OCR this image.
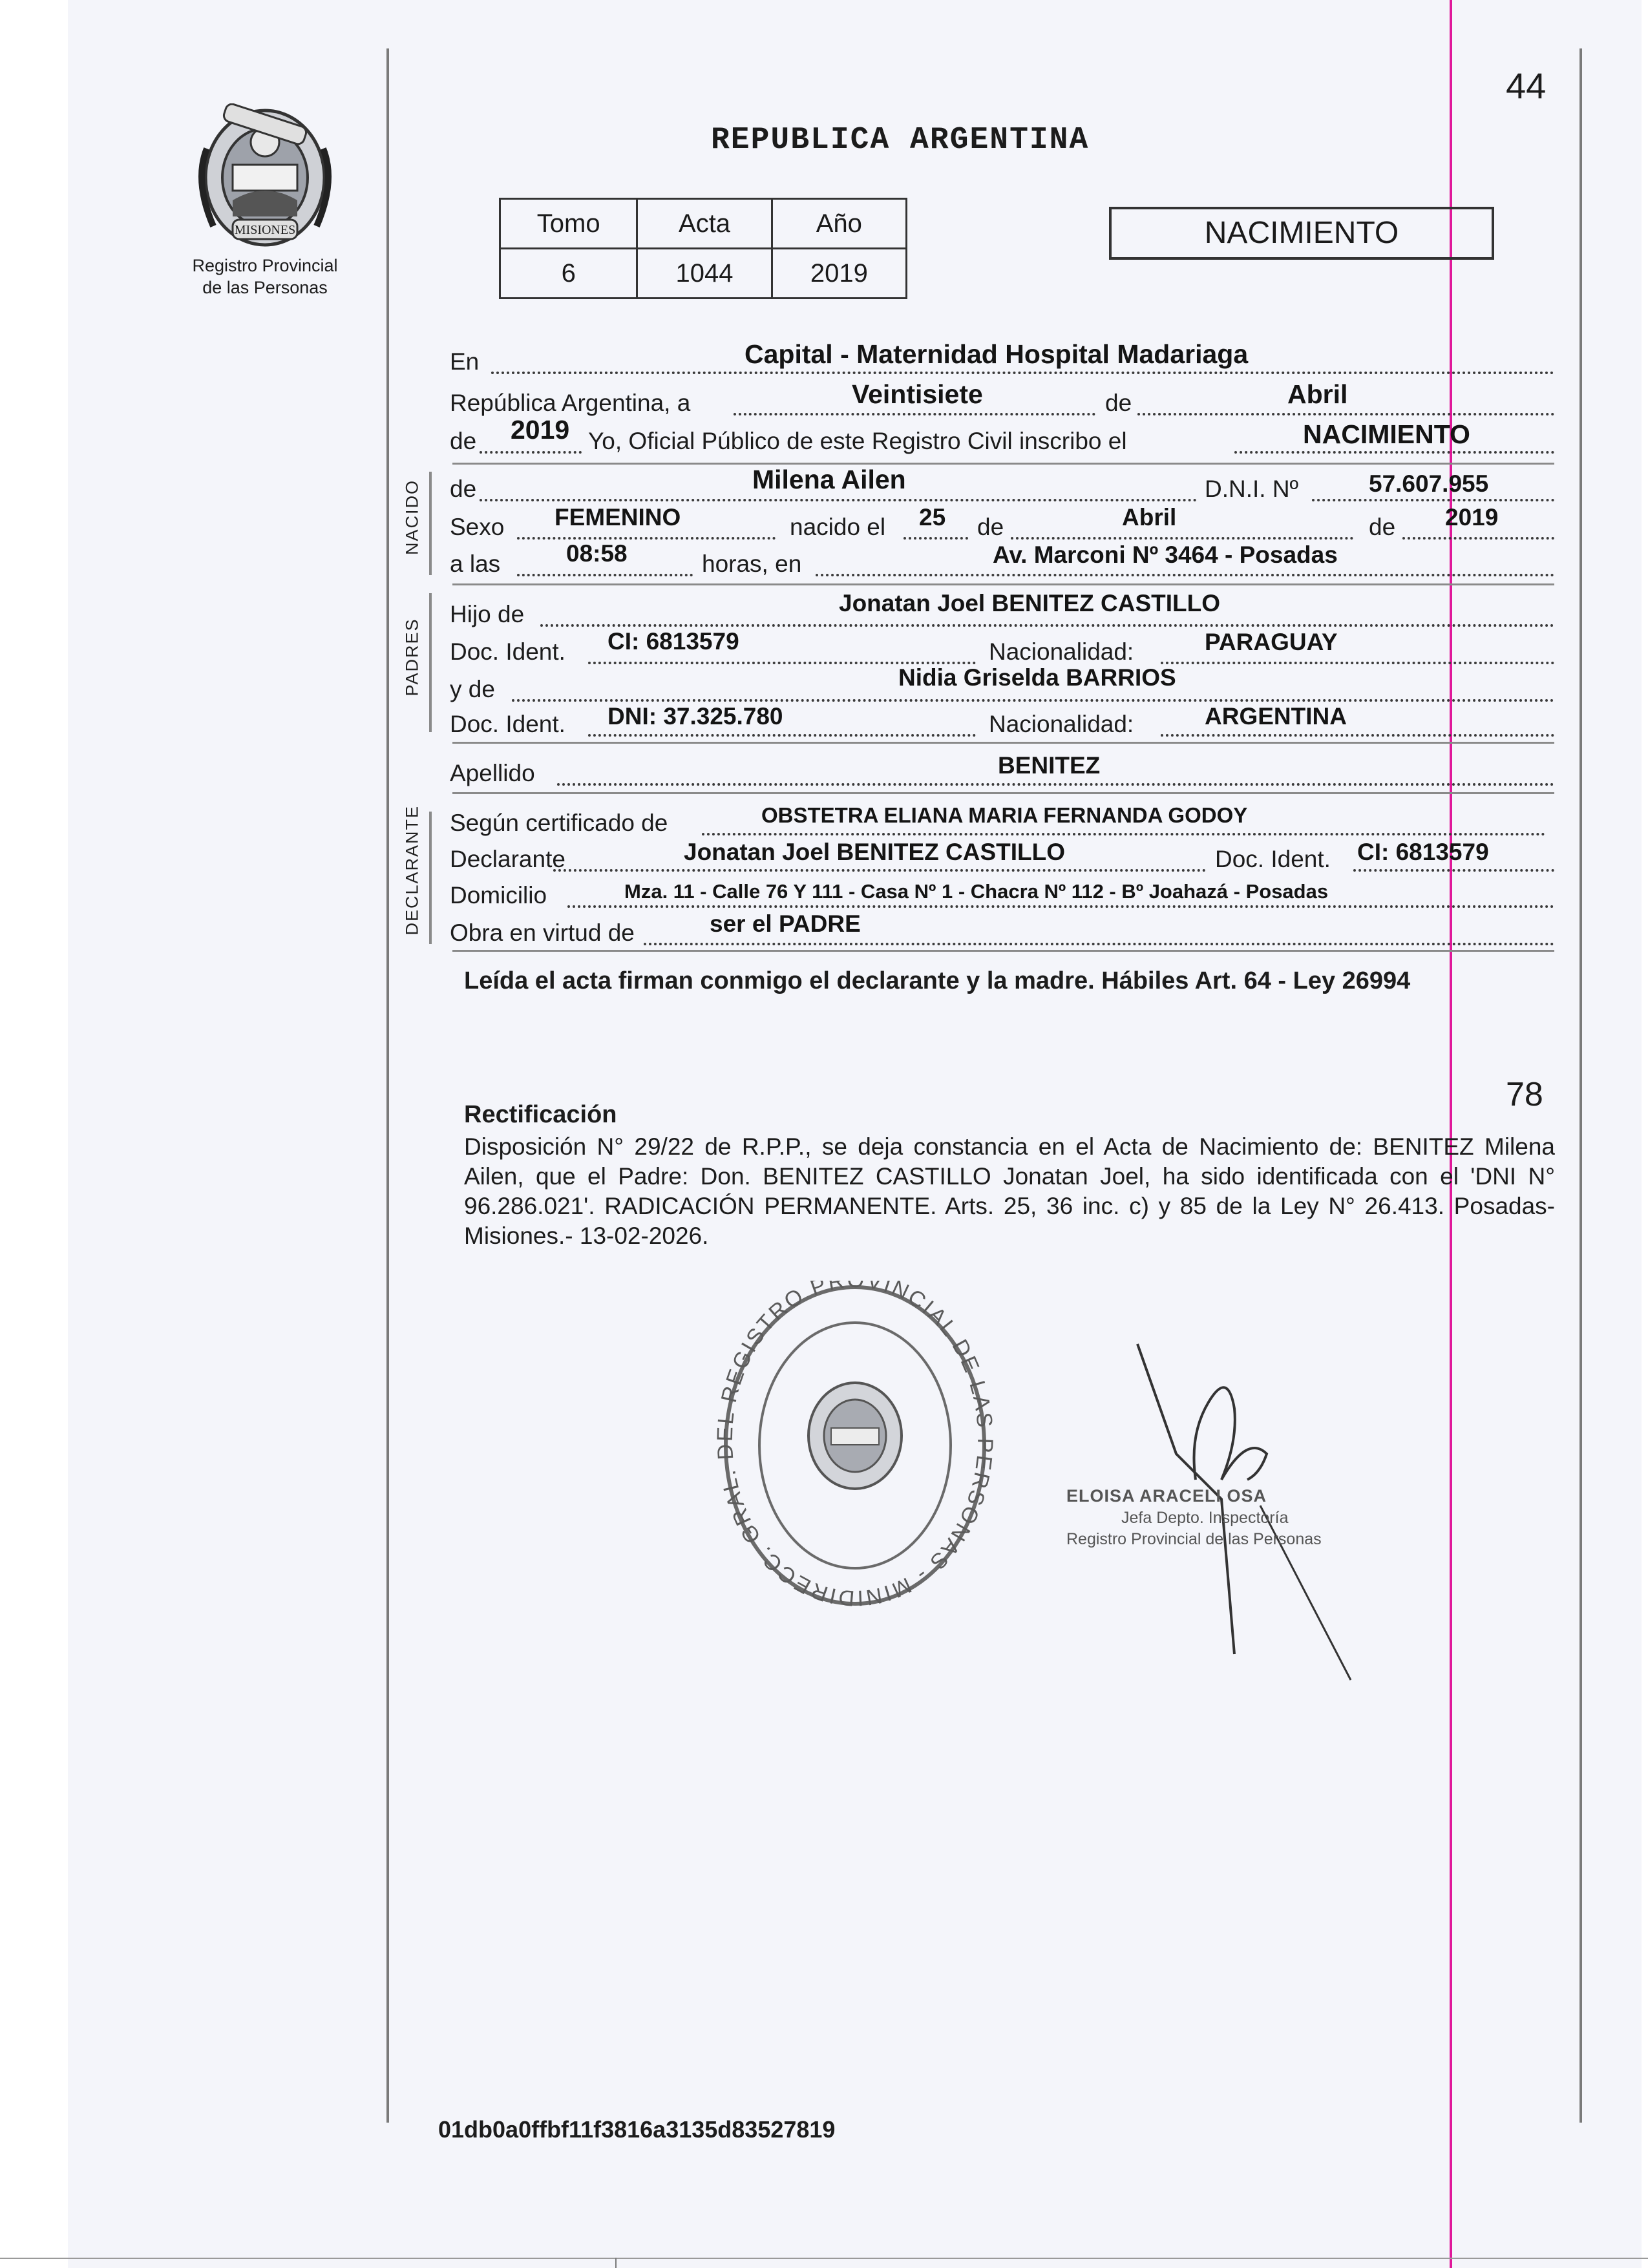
44
78
MISIONES
Registro Provincial
de las Personas
REPUBLICA ARGENTINA
Tomo	Acta	Año
6	1044	2019
NACIMIENTO
En	Capital - Maternidad Hospital Madariaga
República Argentina, a	Veintisiete	de	Abril
de 2019 Yo, Oficial Público de este Registro Civil inscribo el	NACIMIENTO
NACIDO de	Milena Ailen	D.N.I. Nº	57.607.955
Sexo FEMENINO	nacido el 25 de	Abril	de 2019
a las	08:58	horas, en	Av. Marconi Nº 3464 - Posadas
PADRES
Hijo de	Jonatan Joel BENITEZ CASTILLO
Doc. Ident. CI: 6813579	Nacionalidad:	PARAGUAY
y de	Nidia Griselda BARRIOS
Doc. Ident. DNI: 37.325.780	Nacionalidad:	ARGENTINA
Apellido	BENITEZ
DECLARANTE Según certificado de	OBSTETRA ELIANA MARIA FERNANDA GODOY
Declarante	Jonatan Joel BENITEZ CASTILLO	Doc. Ident. CI: 6813579
Domicilio	Mza. 11 - Calle 76 Y 111 - Casa Nº 1 - Chacra Nº 112 - Bº Joahazá - Posadas
Obra en virtud de	ser el PADRE
Leída el acta firman conmigo el declarante y la madre. Hábiles Art. 64 - Ley 26994
Rectificación
Disposición N° 29/22 de R.P.P., se deja constancia en el Acta de Nacimiento de: BENITEZ Milena Ailen, que el Padre: Don. BENITEZ CASTILLO Jonatan Joel, ha sido identificada con el 'DNI N° 96.286.021'. RADICACIÓN PERMANENTE. Arts. 25, 36 inc. c) y 85 de la Ley N° 26.413. Posadas- Misiones.- 13-02-2026.
DIRECC. GRAL. REGISTRO PR VINCIAL DE LA RSONAS - MINI
ELOISA ARACELI OSA
Jefa Depto. Inspectoría
Registro Provincial de las Personas
01db0a0ffbf11f3816a3135d83527819
